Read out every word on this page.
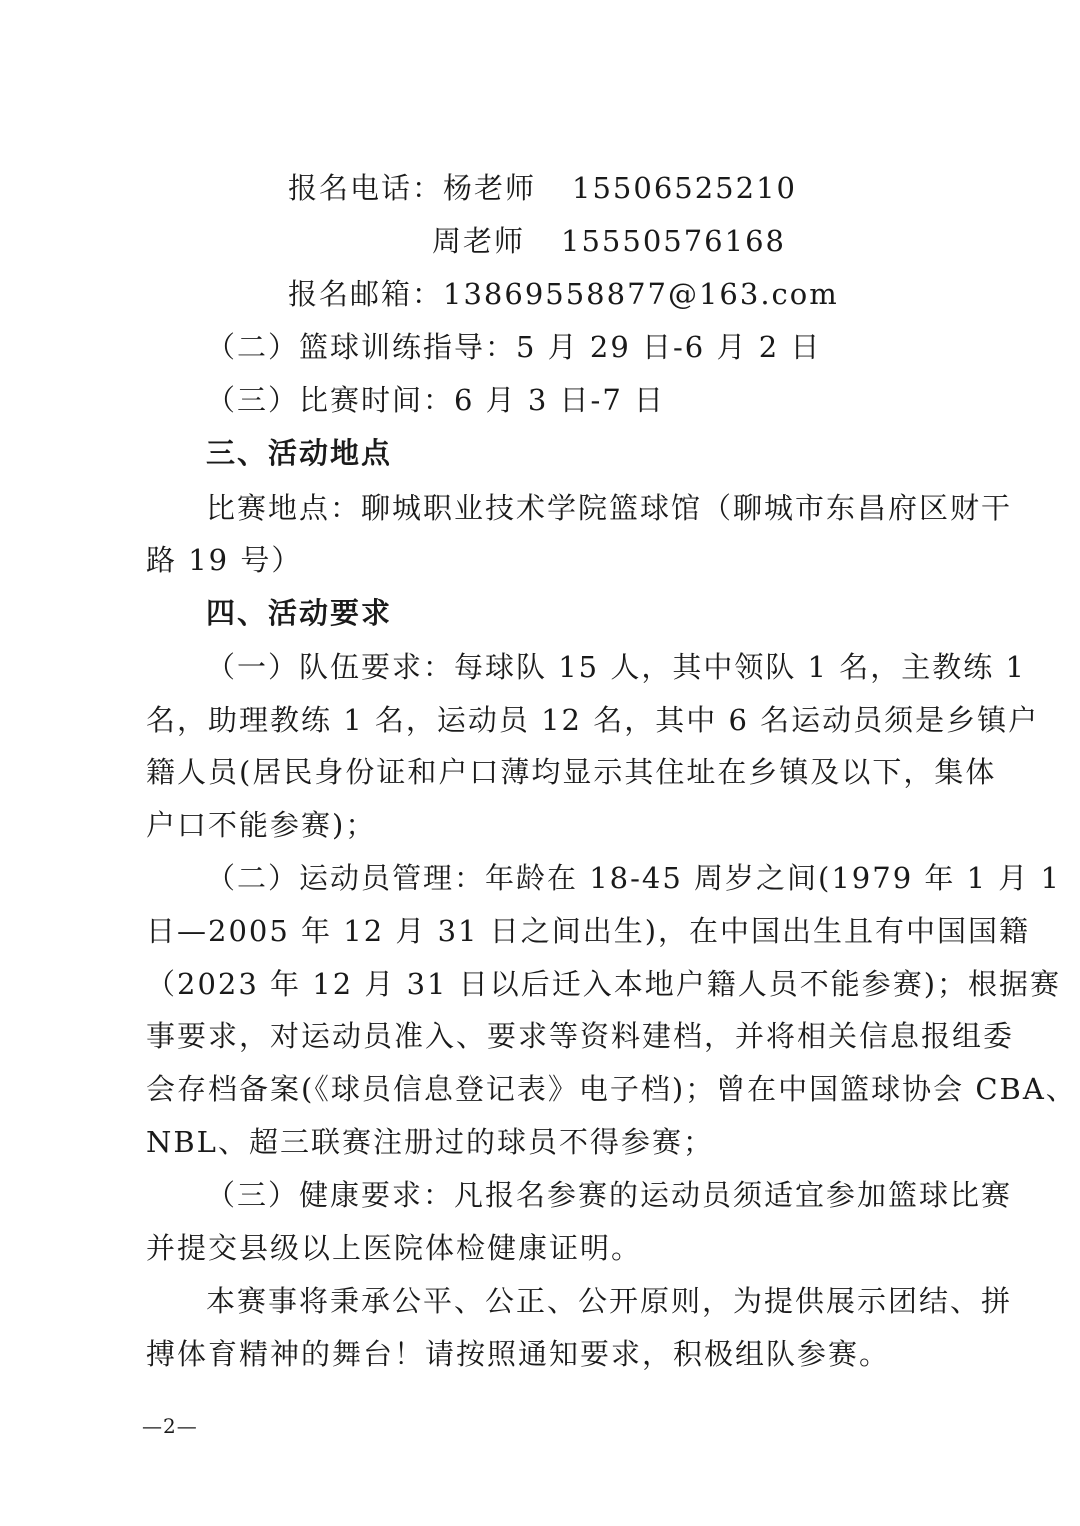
报名电话：杨老师 15506525210
周老师 15550576168
报名邮箱：13869558877@163.com
（二）篮球训练指导：5 月 29 日-6 月 2 日
（三）比赛时间：6 月 3 日-7 日
三、活动地点
比赛地点：聊城职业技术学院篮球馆（聊城市东昌府区财干
路 19 号）
四、活动要求
（一）队伍要求：每球队 15 人，其中领队 1 名，主教练 1
名，助理教练 1 名，运动员 12 名，其中 6 名运动员须是乡镇户
籍人员(居民身份证和户口薄均显示其住址在乡镇及以下，集体
户口不能参赛)；
（二）运动员管理：年龄在 18-45 周岁之间(1979 年 1 月 1
日—2005 年 12 月 31 日之间出生)，在中国出生且有中国国籍
（2023 年 12 月 31 日以后迁入本地户籍人员不能参赛)；根据赛
事要求，对运动员准入、要求等资料建档，并将相关信息报组委
会存档备案(《球员信息登记表》电子档)；曾在中国篮球协会 CBA、
NBL、超三联赛注册过的球员不得参赛；
（三）健康要求：凡报名参赛的运动员须适宜参加篮球比赛
并提交县级以上医院体检健康证明。
本赛事将秉承公平、公正、公开原则，为提供展示团结、拼
搏体育精神的舞台！请按照通知要求，积极组队参赛。
—2—
